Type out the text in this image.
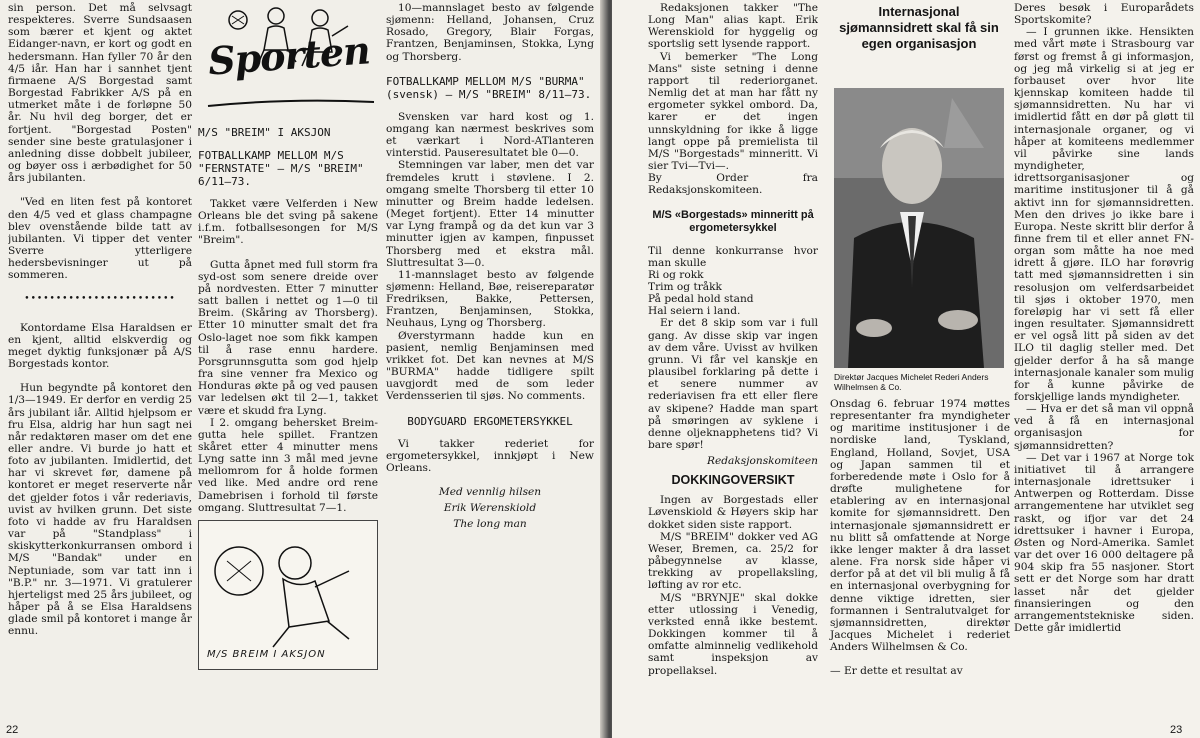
sin person. Det må selvsagt respekteres. Sverre Sundsaasen som bærer et kjent og aktet Eidanger-navn, er kort og godt en hedersmann. Han fyller 70 år den 4/5 iår. Han har i sannhet tjent firmaene A/S Borgestad samt Borgestad Fabrikker A/S på en utmerket måte i de forløpne 50 år. Nu hvil deg borger, det er fortjent. "Borgestad Posten" sender sine beste gratulasjoner i anledning disse dobbelt jubileer, og bøyer oss i ærbødighet for 50 års jubilanten.

"Ved en liten fest på kontoret den 4/5 ved et glass champagne blev ovenstående bilde tatt av jubilanten. Vi tipper det venter Sverre ytterligere hedersbevisninger ut på sommeren.

••••••••••••••••••••••••

Kontordame Elsa Haraldsen er en kjent, alltid elskverdig og meget dyktig funksjonær på A/S Borgestads kontor.

Hun begyndte på kontoret den 1/3—1949. Er derfor en verdig 25 års jubilant iår. Alltid hjelpsom er fru Elsa, aldrig har hun sagt nei når redaktøren maser om det ene eller andre. Vi burde jo hatt et foto av jubilanten. Imidlertid, det har vi skrevet før, damene på kontoret er meget reserverte når det gjelder fotos i vår rederiavis, uvist av hvilken grunn. Det siste foto vi hadde av fru Haraldsen var på "Standplass" i skiskytterkonkurransen ombord i M/S "Bandak" under en Neptuniade, som var tatt inn i "B.P." nr. 3—1971. Vi gratulerer hjerteligst med 25 års jubileet, og håper på å se Elsa Haraldsens glade smil på kontoret i mange år ennu.

Sporten
M/S "BREIM" I AKSJON
FOTBALLKAMP MELLOM M/S "FERNSTATE" — M/S "BREIM" 6/11—73.

Takket være Velferden i New Orleans ble det sving på sakene i.f.m. fotballsesongen for M/S "Breim".

Gutta åpnet med full storm fra syd-ost som senere dreide over på nordvesten. Etter 7 minutter satt ballen i nettet og 1—0 til Breim. (Skåring av Thorsberg). Etter 10 minutter smalt det fra Oslo-laget noe som fikk kampen til å rase ennu hardere. Porsgrunnsgutta som god hjelp fra sine venner fra Mexico og Honduras økte på og ved pausen var ledelsen økt til 2—1, takket være et skudd fra Lyng.

I 2. omgang behersket Breim-gutta hele spillet. Frantzen skåret etter 4 minutter mens Lyng satte inn 3 mål med jevne mellomrom for å holde formen ved like. Med andre ord rene Damebrisen i forhold til første omgang. Sluttresultat 7—1.

M/S BREIM I AKSJON

10—mannslaget besto av følgende sjømenn: Helland, Johansen, Cruz Rosado, Gregory, Blair Forgas, Frantzen, Benjaminsen, Stokka, Lyng og Thorsberg.

FOTBALLKAMP MELLOM M/S "BURMA" (svensk) — M/S "BREIM" 8/11—73.

Svensken var hard kost og 1. omgang kan nærmest beskrives som et værkart i Nord-ATlanteren vinterstid. Pauseresultatet ble 0—0.

Stemningen var laber, men det var fremdeles krutt i støvlene. I 2. omgang smelte Thorsberg til etter 10 minutter og Breim hadde ledelsen. (Meget fortjent). Etter 14 minutter var Lyng frampå og da det kun var 3 minutter igjen av kampen, finpusset Thorsberg med et ekstra mål. Sluttresultat 3—0.

11-mannslaget besto av følgende sjømenn: Helland, Bøe, reisereparatør Fredriksen, Bakke, Pettersen, Frantzen, Benjaminsen, Stokka, Neuhaus, Lyng og Thorsberg.

Øverstyrmann hadde kun en pasient, nemlig Benjaminsen med vrikket fot. Det kan nevnes at M/S "BURMA" hadde tidligere spilt uavgjordt med de som leder Verdensserien til sjøs. No comments.

BODYGUARD ERGOMETERSYKKEL

Vi takker rederiet for ergometersykkel, innkjøpt i New Orleans.

Med vennlig hilsen
Erik Werenskiold
The long man
22

Redaksjonen takker "The Long Man" alias kapt. Erik Werenskiold for hyggelig og sportslig sett lysende rapport.

Vi bemerker "The Long Mans" siste setning i denne rapport til rederiorganet. Nemlig det at man har fått ny ergometer sykkel ombord. Da, karer er det ingen unnskyldning for ikke å ligge langt oppe på premielista til M/S "Borgestads" minneritt. Vi sier Tvi—Tvi—.

By Order fra Redaksjonskomiteen.

M/S «Borgestads» minneritt på ergometersykkel

Til denne konkurranse hvor man skulle

Ri og rokk
Trim og tråkk
På pedal hold stand
Hal seiern i land.

Er det 8 skip som var i full gang. Av disse skip var ingen av dem våre. Uvisst av hvilken grunn. Vi får vel kanskje en plausibel forklaring på dette i et senere nummer av rederiavisen fra ett eller flere av skipene? Hadde man spart på smøringen av syklene i denne oljeknapphetens tid? Vi bare spør!

Redaksjonskomiteen
DOKKINGOVERSIKT

Ingen av Borgestads eller Løvenskiold & Høyers skip har dokket siden siste rapport.

M/S "BREIM" dokker ved AG Weser, Bremen, ca. 25/2 for påbegynnelse av klasse, trekking av propellaksling, løfting av ror etc.

M/S "BRYNJE" skal dokke etter utlossing i Venedig, verksted ennå ikke bestemt. Dokkingen kommer til å omfatte alminnelig vedlikehold samt inspeksjon av propellaksel.

Internasjonal sjømannsidrett skal få sin egen organisasjon
Direktør Jacques Michelet Rederi Anders Wilhelmsen & Co.

Onsdag 6. februar 1974 møttes representanter fra myndigheter og maritime institusjoner i de nordiske land, Tyskland, England, Holland, Sovjet, USA og Japan sammen til et forberedende møte i Oslo for å drøfte mulighetene for etablering av en internasjonal komite for sjømannsidrett. Den internasjonale sjømannsidrett er nu blitt så omfattende at Norge ikke lenger makter å dra lasset alene. Fra norsk side håper vi derfor på at det vil bli mulig å få en internasjonal overbygning for denne viktige idretten, sier formannen i Sentralutvalget for sjømannsidretten, direktør Jacques Michelet i rederiet Anders Wilhelmsen & Co.

— Er dette et resultat av

Deres besøk i Europarådets Sportskomite?

— I grunnen ikke. Hensikten med vårt møte i Strasbourg var først og fremst å gi informasjon, og jeg må virkelig si at jeg er forbauset over hvor lite kjennskap komiteen hadde til sjømannsidretten. Nu har vi imidlertid fått en dør på gløtt til internasjonale organer, og vi håper at komiteens medlemmer vil påvirke sine lands myndigheter, idrettsorganisasjoner og maritime institusjoner til å gå aktivt inn for sjømannsidretten. Men den drives jo ikke bare i Europa. Neste skritt blir derfor å finne frem til et eller annet FN-organ som måtte ha noe med idrett å gjøre. ILO har forøvrig tatt med sjømannsidretten i sin resolusjon om velferdsarbeidet til sjøs i oktober 1970, men foreløpig har vi sett få eller ingen resultater. Sjømannsidrett er vel også litt på siden av det ILO til daglig steller med. Det gjelder derfor å ha så mange internasjonale kanaler som mulig for å kunne påvirke de forskjellige lands myndigheter.

— Hva er det så man vil oppnå ved å få en internasjonal organisasjon for sjømannsidretten?

— Det var i 1967 at Norge tok initiativet til å arrangere internasjonale idrettsuker i Antwerpen og Rotterdam. Disse arrangementene har utviklet seg raskt, og ifjor var det 24 idrettsuker i havner i Europa, Østen og Nord-Amerika. Samlet var det over 16 000 deltagere på 904 skip fra 55 nasjoner. Stort sett er det Norge som har dratt lasset når det gjelder finansieringen og den arrangementstekniske siden. Dette går imidlertid

23
